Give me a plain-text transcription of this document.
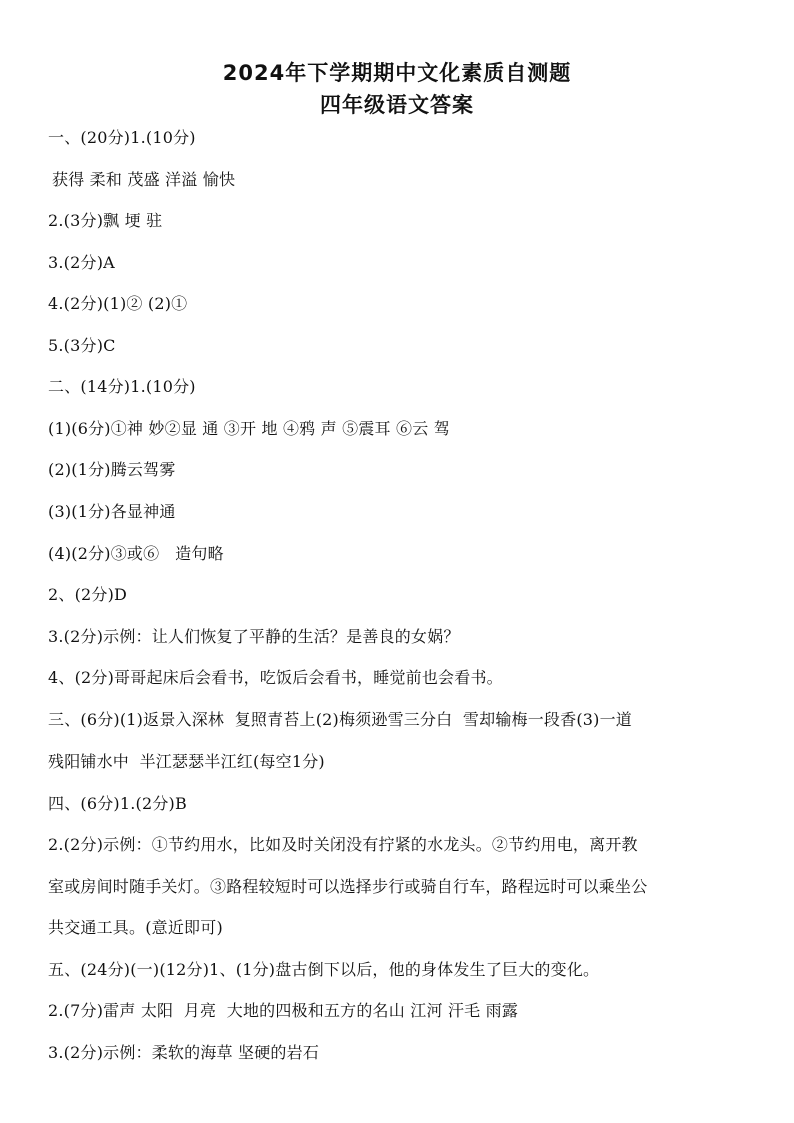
2024年下学期期中文化素质自测题
四年级语文答案
一、(20分)1.(10分)
获得 柔和 茂盛 洋溢 愉快
2.(3分)飘 埂 驻
3.(2分)A
4.(2分)(1)② (2)①
5.(3分)C
二、(14分)1.(10分)
(1)(6分)①神 妙②显 通 ③开 地 ④鸦 声 ⑤震耳 ⑥云 驾
(2)(1分)腾云驾雾
(3)(1分)各显神通
(4)(2分)③或⑥   造句略
2、(2分)D
3.(2分)示例：让人们恢复了平静的生活？是善良的女娲？
4、(2分)哥哥起床后会看书，吃饭后会看书，睡觉前也会看书。
三、(6分)(1)返景入深林  复照青苔上(2)梅须逊雪三分白  雪却输梅一段香(3)一道
残阳铺水中  半江瑟瑟半江红(每空1分)
四、(6分)1.(2分)B
2.(2分)示例：①节约用水，比如及时关闭没有拧紧的水龙头。②节约用电，离开教
室或房间时随手关灯。③路程较短时可以选择步行或骑自行车，路程远时可以乘坐公
共交通工具。(意近即可)
五、(24分)(一)(12分)1、(1分)盘古倒下以后，他的身体发生了巨大的变化。
2.(7分)雷声 太阳  月亮  大地的四极和五方的名山 江河 汗毛 雨露
3.(2分)示例：柔软的海草 坚硬的岩石
